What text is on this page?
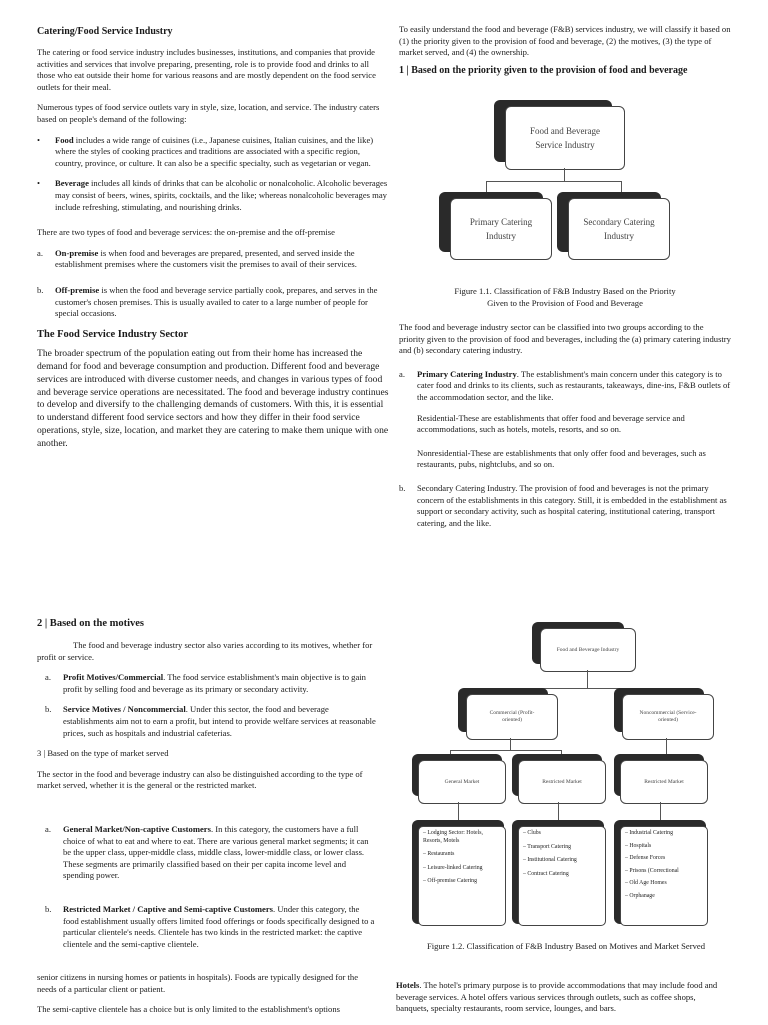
Catering/Food Service Industry

The catering or food service industry includes businesses, institutions, and companies that provide activities and services that involve preparing, presenting, role is to provide food and drinks to all those who eat outside their home for various reasons and are mostly dependent on the food service outlets for their meal.

Numerous types of food service outlets vary in style, size, location, and service. The industry caters based on people's demand of the following:

• Food includes a wide range of cuisines (i.e., Japanese cuisines, Italian cuisines, and the like) where the styles of cooking practices and traditions are associated with a specific region, country, province, or culture. It can also be a specific specialty, such as vegetarian or vegan.
• Beverage includes all kinds of drinks that can be alcoholic or nonalcoholic. Alcoholic beverages may consist of beers, wines, spirits, cocktails, and the like; whereas nonalcoholic beverages may include refreshing, stimulating, and nourishing drinks.

There are two types of food and beverage services: the on-premise and the off-premise

a. On-premise is when food and beverages are prepared, presented, and served inside the establishment premises where the customers visit the premises to avail of their services.
b. Off-premise is when the food and beverage service partially cook, prepares, and serves in the customer's chosen premises. This is usually availed to cater to a large number of people for special occasions.
The Food Service Industry Sector

The broader spectrum of the population eating out from their home has increased the demand for food and beverage consumption and production. Different food and beverage services are introduced with diverse customer needs, and changes in various types of food and beverage service operations are necessitated. The food and beverage industry continues to develop and diversify to the challenging demands of customers. With this, it is essential to understand different food service sectors and how they differ in their food service operations, style, size, location, and market they are catering to make them unique with one another.

To easily understand the food and beverage (F&B) services industry, we will classify it based on (1) the priority given to the provision of food and beverage, (2) the motives, (3) the type of market served, and (4) the ownership.

1 | Based on the priority given to the provision of food and beverage
Food and Beverage Service Industry
Primary Catering Industry
Secondary Catering Industry
Figure 1.1. Classification of F&B Industry Based on the Priority
Given to the Provision of Food and Beverage

The food and beverage industry sector can be classified into two groups according to the priority given to the provision of food and beverages, including the (a) primary catering industry and (b) secondary catering industry.

a. Primary Catering Industry. The establishment's main concern under this category is to cater food and drinks to its clients, such as restaurants, takeaways, dine-ins, F&B outlets of the accommodation sector, and the like.

Residential-These are establishments that offer food and beverage service and accommodations, such as hotels, motels, resorts, and so on.

Nonresidential-These are establishments that only offer food and beverages, such as restaurants, pubs, nightclubs, and so on.

b. Secondary Catering Industry. The provision of food and beverages is not the primary concern of the establishments in this category. Still, it is embedded in the establishment as support or secondary activity, such as hospital catering, institutional catering, transport catering, and the like.
2 | Based on the motives

The food and beverage industry sector also varies according to its motives, whether for profit or service.

a. Profit Motives/Commercial. The food service establishment's main objective is to gain profit by selling food and beverage as its primary or secondary activity.
b. Service Motives / Noncommercial. Under this sector, the food and beverage establishments aim not to earn a profit, but intend to provide welfare services at reasonable prices, such as hospitals and industrial cafeterias.

3 | Based on the type of market served

The sector in the food and beverage industry can also be distinguished according to the type of market served, whether it is the general or the restricted market.

a. General Market/Non-captive Customers. In this category, the customers have a full choice of what to eat and where to eat. There are various general market segments; it can be the upper class, upper-middle class, middle class, lower-middle class, or lower class. These segments are primarily classified based on their per capita income level and spending power.
b. Restricted Market / Captive and Semi-captive Customers. Under this category, the food establishment usually offers limited food offerings or foods specifically designed to a particular clientele's needs. Clientele has two kinds in the restricted market: the captive clientele and the semi-captive clientele.

senior citizens in nursing homes or patients in hospitals). Foods are typically designed for the needs of a particular client or patient.

The semi-captive clientele has a choice but is only limited to the establishment's options

Food and Beverage Industry
Commercial (Profit-oriented)
Noncommercial (Service-oriented)
General Market	Restricted Market	Restricted Market
– Lodging Sector: Hotels, Resorts, Motels
– Restaurants
– Leisure-linked Catering
– Off-premise Catering
– Clubs
– Transport Catering
– Institutional Catering
– Contract Catering
– Industrial Catering
– Hospitals
– Defense Forces
– Prisons (Correctional
– Old Age Homes
– Orphanage
Figure 1.2. Classification of F&B Industry Based on Motives and Market Served

Hotels. The hotel's primary purpose is to provide accommodations that may include food and beverage services. A hotel offers various services through outlets, such as coffee shops, banquets, specialty restaurants, room service, lounges, and bars.
